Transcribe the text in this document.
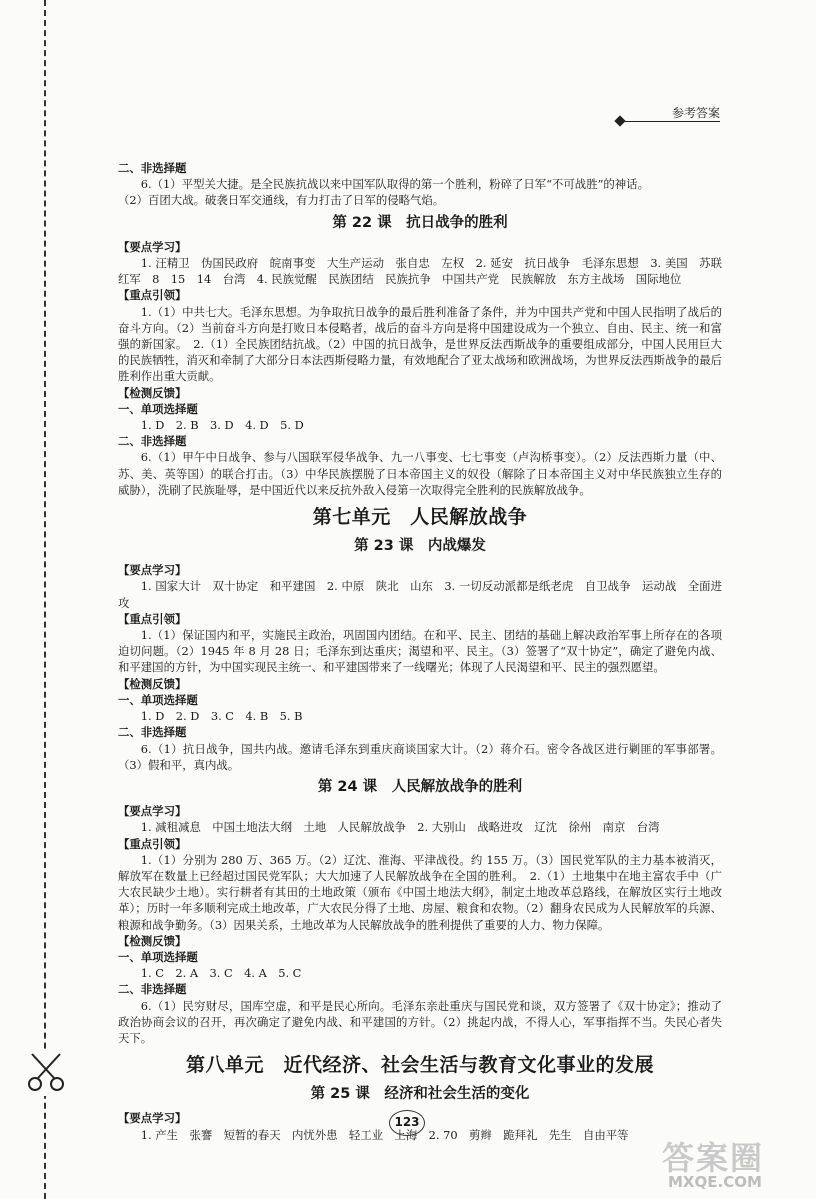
参考答案

二、非选择题

6.（1）平型关大捷。是全民族抗战以来中国军队取得的第一个胜利，粉碎了日军“不可战胜”的神话。

（2）百团大战。破袭日军交通线，有力打击了日军的侵略气焰。

第 22 课　抗日战争的胜利

【要点学习】

1. 汪精卫　伪国民政府　皖南事变　大生产运动　张自忠　左权　2. 延安　抗日战争　毛泽东思想　3. 美国　苏联红军　8　15　14　台湾　4. 民族觉醒　民族团结　民族抗争　中国共产党　民族解放　东方主战场　国际地位

【重点引领】

1.（1）中共七大。毛泽东思想。为争取抗日战争的最后胜利准备了条件，并为中国共产党和中国人民指明了战后的奋斗方向。（2）当前奋斗方向是打败日本侵略者，战后的奋斗方向是将中国建设成为一个独立、自由、民主、统一和富强的新国家。　2.（1）全民族团结抗战。（2）中国的抗日战争，是世界反法西斯战争的重要组成部分，中国人民用巨大的民族牺牲，消灭和牵制了大部分日本法西斯侵略力量，有效地配合了亚太战场和欧洲战场，为世界反法西斯战争的最后胜利作出重大贡献。

【检测反馈】

一、单项选择题

1. D　2. B　3. D　4. D　5. D

二、非选择题

6.（1）甲午中日战争、参与八国联军侵华战争、九一八事变、七七事变（卢沟桥事变）。（2）反法西斯力量（中、苏、美、英等国）的联合打击。（3）中华民族摆脱了日本帝国主义的奴役（解除了日本帝国主义对中华民族独立生存的威胁），洗刷了民族耻辱，是中国近代以来反抗外敌入侵第一次取得完全胜利的民族解放战争。

第七单元　人民解放战争

第 23 课　内战爆发

【要点学习】

1. 国家大计　双十协定　和平建国　2. 中原　陕北　山东　3. 一切反动派都是纸老虎　自卫战争　运动战　全面进攻

【重点引领】

1.（1）保证国内和平，实施民主政治，巩固国内团结。在和平、民主、团结的基础上解决政治军事上所存在的各项迫切问题。（2）1945 年 8 月 28 日；毛泽东到达重庆；渴望和平、民主。（3）签署了“双十协定”，确定了避免内战、和平建国的方针，为中国实现民主统一、和平建国带来了一线曙光；体现了人民渴望和平、民主的强烈愿望。

【检测反馈】

一、单项选择题

1. D　2. D　3. C　4. B　5. B

二、非选择题

6.（1）抗日战争，国共内战。邀请毛泽东到重庆商谈国家大计。（2）蒋介石。密令各战区进行剿匪的军事部署。（3）假和平，真内战。

第 24 课　人民解放战争的胜利

【要点学习】

1. 减租减息　中国土地法大纲　土地　人民解放战争　2. 大别山　战略进攻　辽沈　徐州　南京　台湾

【重点引领】

1.（1）分别为 280 万、365 万。（2）辽沈、淮海、平津战役。约 155 万。（3）国民党军队的主力基本被消灭，解放军在数量上已经超过国民党军队；大大加速了人民解放战争在全国的胜利。　2.（1）土地集中在地主富农手中（广大农民缺少土地）。实行耕者有其田的土地政策（颁布《中国土地法大纲》，制定土地改革总路线，在解放区实行土地改革）；历时一年多顺利完成土地改革，广大农民分得了土地、房屋、粮食和农物。（2）翻身农民成为人民解放军的兵源、粮源和战争勤务。（3）因果关系，土地改革为人民解放战争的胜利提供了重要的人力、物力保障。

【检测反馈】

一、单项选择题

1. C　2. A　3. C　4. A　5. C

二、非选择题

6.（1）民穷财尽，国库空虚，和平是民心所向。毛泽东亲赴重庆与国民党和谈，双方签署了《双十协定》；推动了政治协商会议的召开，再次确定了避免内战、和平建国的方针。（2）挑起内战，不得人心，军事指挥不当。失民心者失天下。

第八单元　近代经济、社会生活与教育文化事业的发展

第 25 课　经济和社会生活的变化

【要点学习】

1. 产生　张謇　短暂的春天　内忧外患　轻工业　上海　2. 70　剪辫　跪拜礼　先生　自由平等

123
答案圈
MXQE.COM
